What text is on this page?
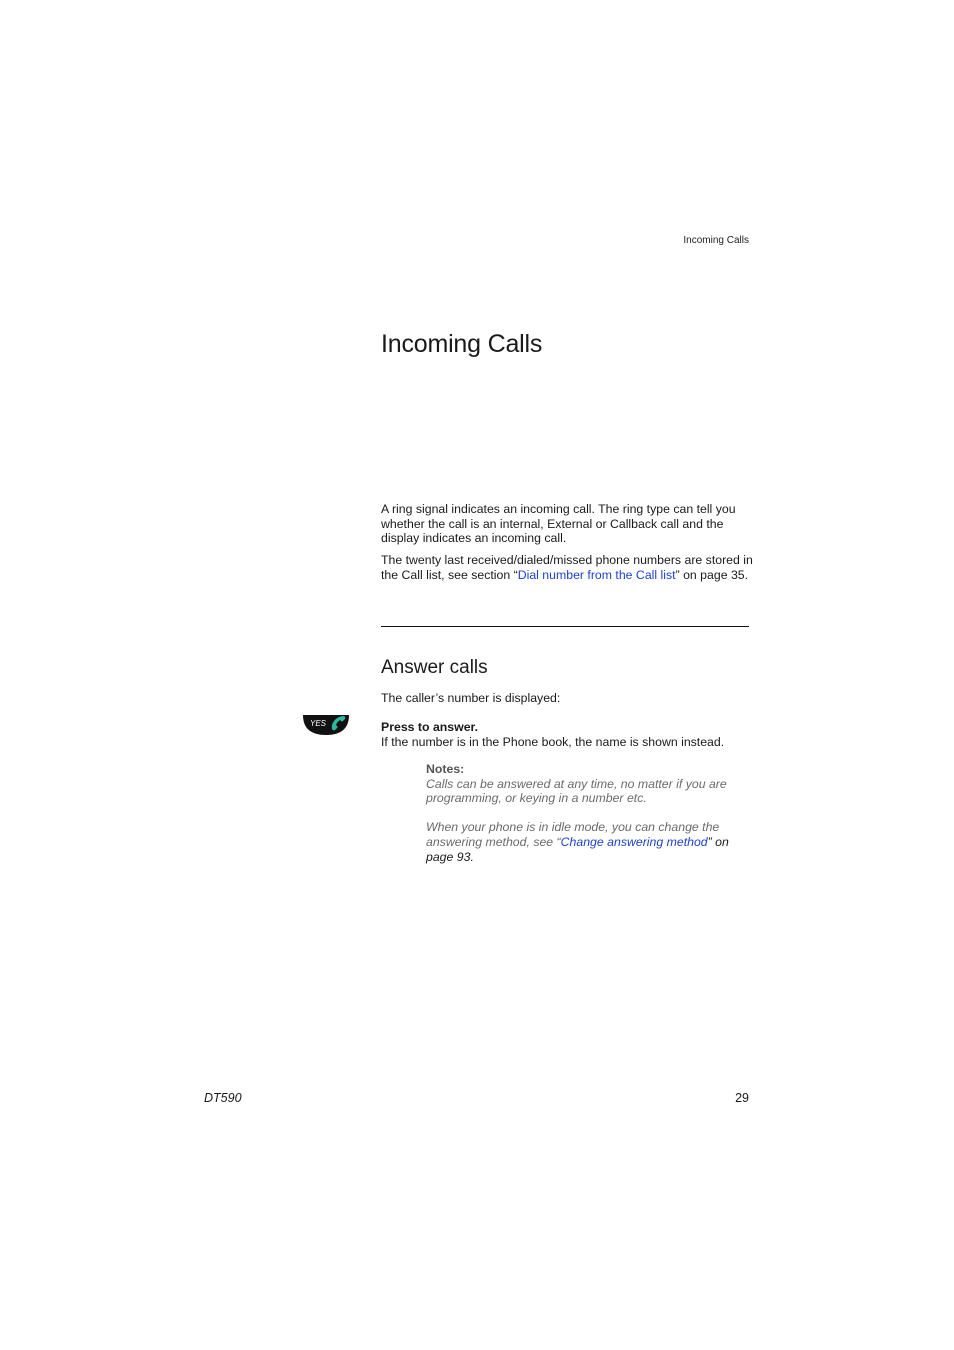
Incoming Calls
Incoming Calls

A ring signal indicates an incoming call. The ring type can tell you whether the call is an internal, External or Callback call and the display indicates an incoming call.

The twenty last received/dialed/missed phone numbers are stored in the Call list, see section “Dial number from the Call list” on page 35.

Answer calls

The caller’s number is displayed:

YES	Press to answer.
If the number is in the Phone book, the name is shown instead.
Notes:

Calls can be answered at any time, no matter if you are programming, or keying in a number etc.

When your phone is in idle mode, you can change the answering method, see “Change answering method” on page 93.

DT590	29
